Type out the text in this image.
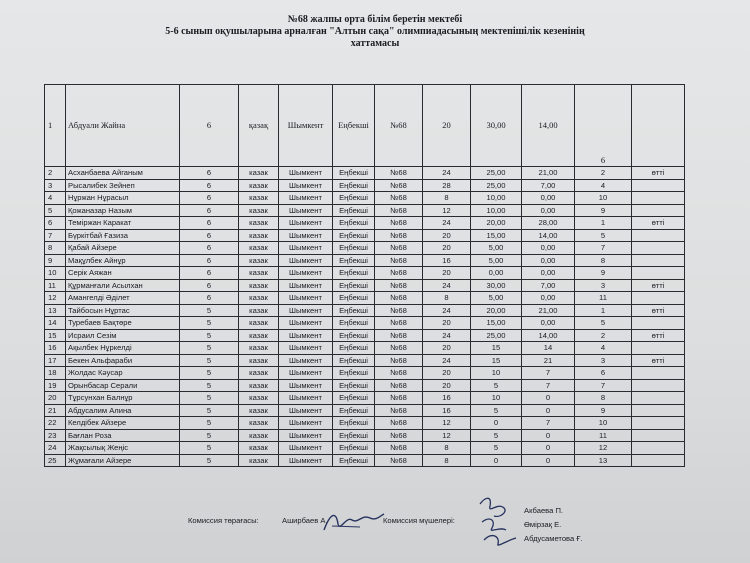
№68 жалпы орта білім беретін мектебі
5-6 сынып оқушыларына арналған "Алтын сақа" олимпиадасының мектепішілік кезенінің
хаттамасы
1	Абдуали Жайна	6	қазақ	Шымкент	Еңбекші	№68	20	30,00	14,00	6	
2	Асханбаева Айганым	6	казак	Шымкент	Еңбекші	№68	24	25,00	21,00	2	өтті
3	Рысалибек Зейнеп	6	казак	Шымкент	Еңбекші	№68	28	25,00	7,00	4	
4	Нұржан Нұрасыл	6	казак	Шымкент	Еңбекші	№68	8	10,00	0,00	10	
5	Қожаназар Назым	6	казак	Шымкент	Еңбекші	№68	12	10,00	0,00	9	
6	Теміржан Каракат	6	казак	Шымкент	Еңбекші	№68	24	20,00	28,00	1	өтті
7	Бүркітбай Ғазиза	6	казак	Шымкент	Еңбекші	№68	20	15,00	14,00	5	
8	Қабай Айзере	6	казак	Шымкент	Еңбекші	№68	20	5,00	0,00	7	
9	Мақұлбек Айнұр	6	казак	Шымкент	Еңбекші	№68	16	5,00	0,00	8	
10	Серік Аяжан	6	казак	Шымкент	Еңбекші	№68	20	0,00	0,00	9	
11	Құрманғали Асылхан	6	казак	Шымкент	Еңбекші	№68	24	30,00	7,00	3	өтті
12	Амангелді Әділет	6	казак	Шымкент	Еңбекші	№68	8	5,00	0,00	11	
13	Тайбосын Нұртас	5	казак	Шымкент	Еңбекші	№68	24	20,00	21,00	1	өтті
14	Туребаев Бақтөре	5	казак	Шымкент	Еңбекші	№68	20	15,00	0,00	5	
15	Исраил Сезім	5	казак	Шымкент	Еңбекші	№68	24	25,00	14,00	2	өтті
16	Ақылбек Нұркелді	5	казак	Шымкент	Еңбекші	№68	20	15	14	4	
17	Бекен Альфараби	5	казак	Шымкент	Еңбекші	№68	24	15	21	3	өтті
18	Жолдас Кәусар	5	казак	Шымкент	Еңбекші	№68	20	10	7	6	
19	Орынбасар Серали	5	казак	Шымкент	Еңбекші	№68	20	5	7	7	
20	Тұрсунхан Балнұр	5	казак	Шымкент	Еңбекші	№68	16	10	0	8	
21	Абдусалим Алина	5	казак	Шымкент	Еңбекші	№68	16	5	0	9	
22	Келдібек Айзере	5	казак	Шымкент	Еңбекші	№68	12	0	7	10	
23	Бағлан Роза	5	казак	Шымкент	Еңбекші	№68	12	5	0	11	
24	Жақсылық Жеңіс	5	казак	Шымкент	Еңбекші	№68	8	5	0	12	
25	Жұмағали Айзере	5	казак	Шымкент	Еңбекші	№68	8	0	0	13	
Комиссия төрағасы:	Аширбаев А.	Комиссия мүшелері:
Акбаева П.
Өмірзақ Е.
Абдусаметова Ғ.
